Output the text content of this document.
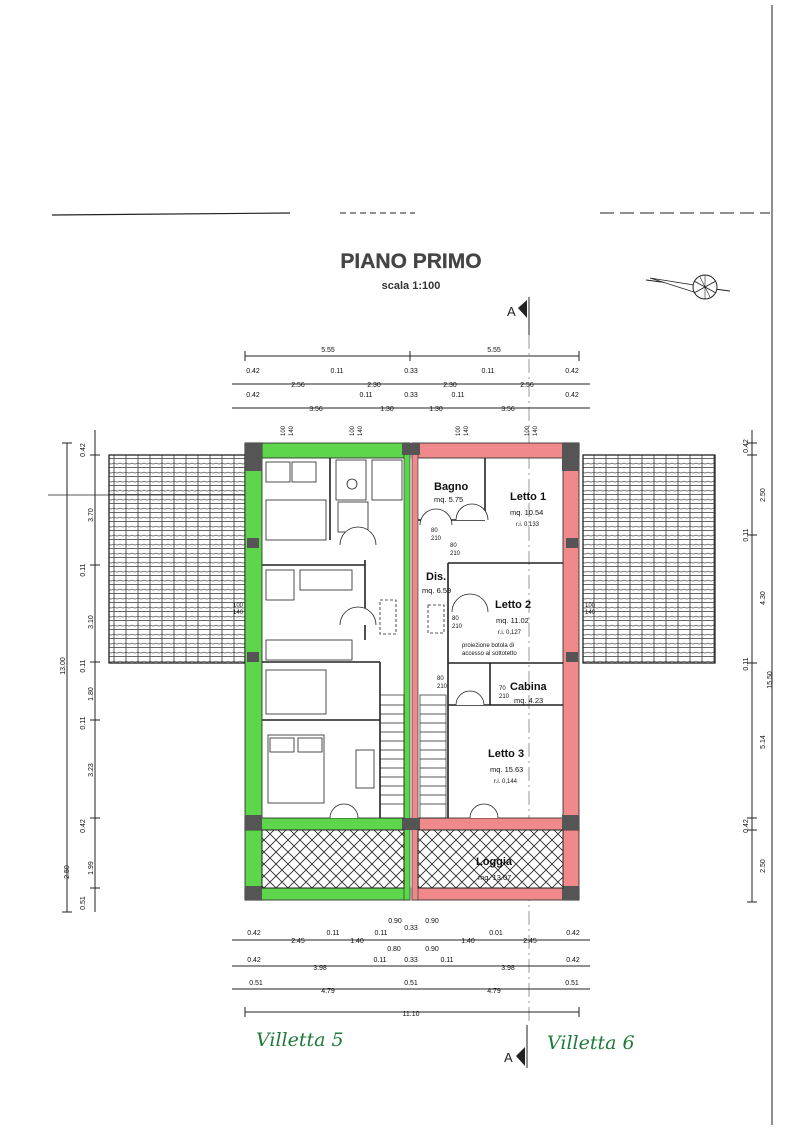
PIANO PRIMO
scala 1:100
A
A
5.55	5.55
0.42
2.56
0.11
2.30
0.33
2.30
0.11
2.56
0.42
0.42
3.56
0.11
1.30
0.33
1.30
0.11
3.56
0.42
100 140	100 140	100 140	100 140
Bagno
mq. 5.75	Letto 1
mq. 10.54
r.i. 0,133
Dis.
mq. 6.59
Letto 2
mq. 11.02
r.i. 0,127
proiezione botola di
accesso al sottotetto
Cabina
mq. 4.23
Letto 3
mq. 15.63
r.i. 0,144
Loggia
mq. 13.07
80
210
80
210
80
210
70
210
80
210
100
140
100
140
13.00
0.42
3.70
0.11
3.10
0.11
1.80
0.11
3.23
0.42
2.50 1.99
0.51
0.42
2.50
0.11
4.30
0.11
15.50
5.14
0.42
2.50
0.42
2.45
0.11
1.40
0.11
0.90
0.33
0.90
1.40
0.01
2.45
0.42
0.42
3.98
0.11
0.80
0.33
0.90
0.11
3.98
0.42
0.51
4.79
0.51
4.79
0.51
11.10
Villetta 5	Villetta 6
